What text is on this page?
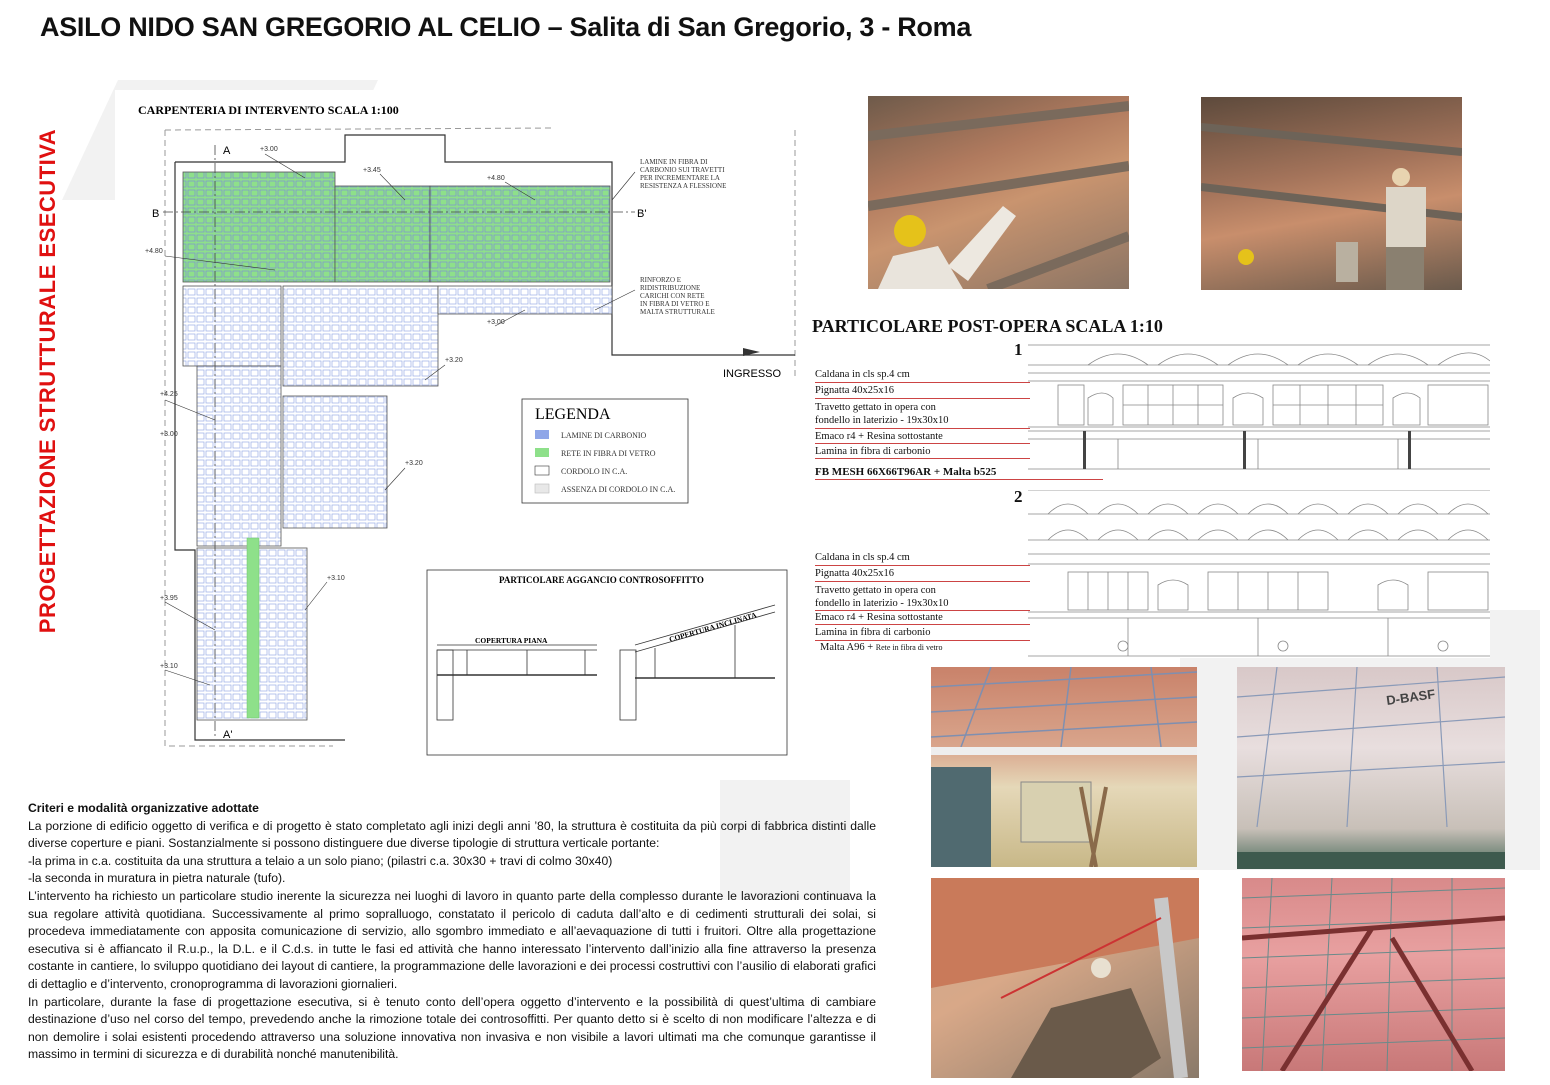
ASILO NIDO SAN GREGORIO AL CELIO – Salita di San Gregorio, 3 - Roma
PROGETTAZIONE STRUTTURALE ESECUTIVA
CARPENTERIA DI INTERVENTO SCALA 1:100
A
A'
B	B'
+3.00
+3.45
+4.80
+4.80
+3.00
+3.20
+4.25
+3.00
+3.20
+3.95
+3.10
+3.10
LAMINE IN FIBRA DI
CARBONIO SUI TRAVETTI
PER INCREMENTARE LA
RESISTENZA A FLESSIONE
RINFORZO E
RIDISTRIBUZIONE
CARICHI CON RETE
IN FIBRA DI VETRO E
MALTA STRUTTURALE
INGRESSO
LEGENDA
LAMINE DI CARBONIO
RETE IN FIBRA DI VETRO
CORDOLO IN C.A.
ASSENZA DI CORDOLO IN C.A.
PARTICOLARE AGGANCIO CONTROSOFFITTO
COPERTURA PIANA	COPERTURA INCLINATA
PARTICOLARE POST-OPERA SCALA 1:10
1
2
Caldana in cls sp.4 cm
Pignatta 40x25x16
Travetto gettato in opera con
fondello in laterizio - 19x30x10
Emaco r4 + Resina sottostante
Lamina in fibra di carbonio
FB MESH 66X66T96AR + Malta b525
Caldana in cls sp.4 cm
Pignatta 40x25x16
Travetto gettato in opera con
fondello in laterizio - 19x30x10
Emaco r4 + Resina sottostante
Lamina in fibra di carbonio
Malta A96 + Rete in fibra di vetro
D-BASF
Criteri e modalità organizzative adottate

La porzione di edificio oggetto di verifica e di progetto è stato completato agli inizi degli anni ’80, la struttura è costituita da più corpi di fabbrica distinti dalle diverse coperture e piani. Sostanzialmente si possono distinguere due diverse tipologie di struttura verticale portante:

-la prima in c.a. costituita da una struttura a telaio a un solo piano; (pilastri c.a. 30x30 + travi di colmo 30x40)

-la seconda in muratura in pietra naturale (tufo).

L’intervento ha richiesto un particolare studio inerente la sicurezza nei luoghi di lavoro in quanto parte della complesso durante le lavorazioni continuava la sua regolare attività quotidiana. Successivamente al primo sopralluogo, constatato il pericolo di caduta dall’alto e di cedimenti strutturali dei solai, si procedeva immediatamente con apposita comunicazione di servizio, allo sgombro immediato e all’aevaquazione di tutti i fruitori. Oltre alla progettazione esecutiva si è affiancato il R.u.p., la D.L. e il C.d.s. in tutte le fasi ed attività che hanno interessato l’intervento dall’inizio alla fine attraverso la presenza costante in cantiere, lo sviluppo quotidiano dei layout di cantiere, la programmazione delle lavorazioni e dei processi costruttivi con l’ausilio di elaborati grafici di dettaglio e d’intervento, cronoprogramma di lavorazioni giornalieri.

In particolare, durante la fase di progettazione esecutiva, si è tenuto conto dell’opera oggetto d’intervento e la possibilità di quest’ultima di cambiare destinazione d’uso nel corso del tempo, prevedendo anche la rimozione totale dei controsoffitti. Per quanto detto si è scelto di non modificare l’altezza e di non demolire i solai esistenti procedendo attraverso una soluzione innovativa non invasiva e non visibile a lavori ultimati ma che comunque garantisse il massimo in termini di sicurezza e di durabilità nonché manutenibilità.
